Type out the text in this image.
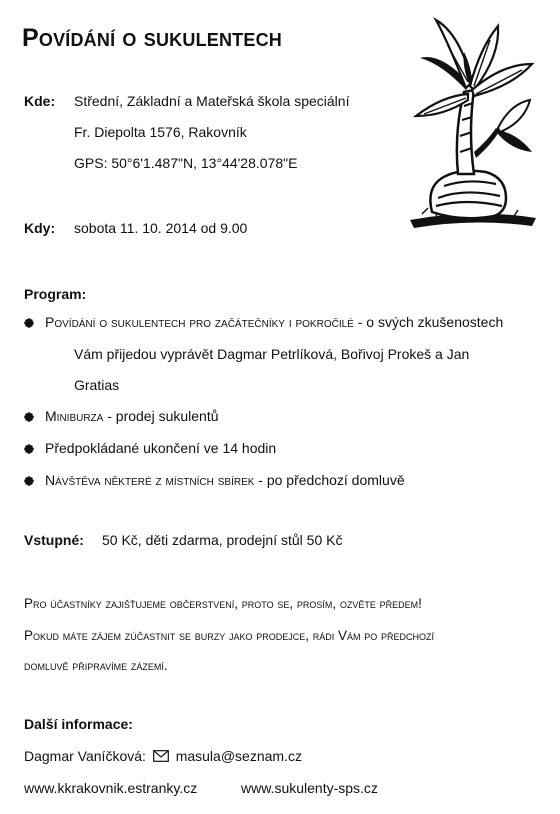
Povídání o sukulentech
Kde: Střední, Základní a Mateřská škola speciální
Fr. Diepolta 1576, Rakovník
GPS: 50°6'1.487"N, 13°44'28.078"E
Kdy: sobota 11. 10. 2014 od 9.00
Program:
Povídání o sukulentech pro začátečníky i pokročilé - o svých zkušenostech
Vám přijedou vyprávět Dagmar Petrlíková, Bořivoj Prokeš a Jan
Gratias
Miniburza - prodej sukulentů
Předpokládané ukončení ve 14 hodin
Návštěva některé z místních sbírek - po předchozí domluvě
Vstupné: 50 Kč, děti zdarma, prodejní stůl 50 Kč
Pro účastníky zajišťujeme občerstvení, proto se, prosím, ozvěte předem!
Pokud máte zájem zúčastnit se burzy jako prodejce, rádi Vám po předchozí
domluvě připravíme zázemí.
Další informace:
Dagmar Vaníčková: masula@seznam.cz
www.kkrakovnik.estranky.cz	www.sukulenty-sps.cz
